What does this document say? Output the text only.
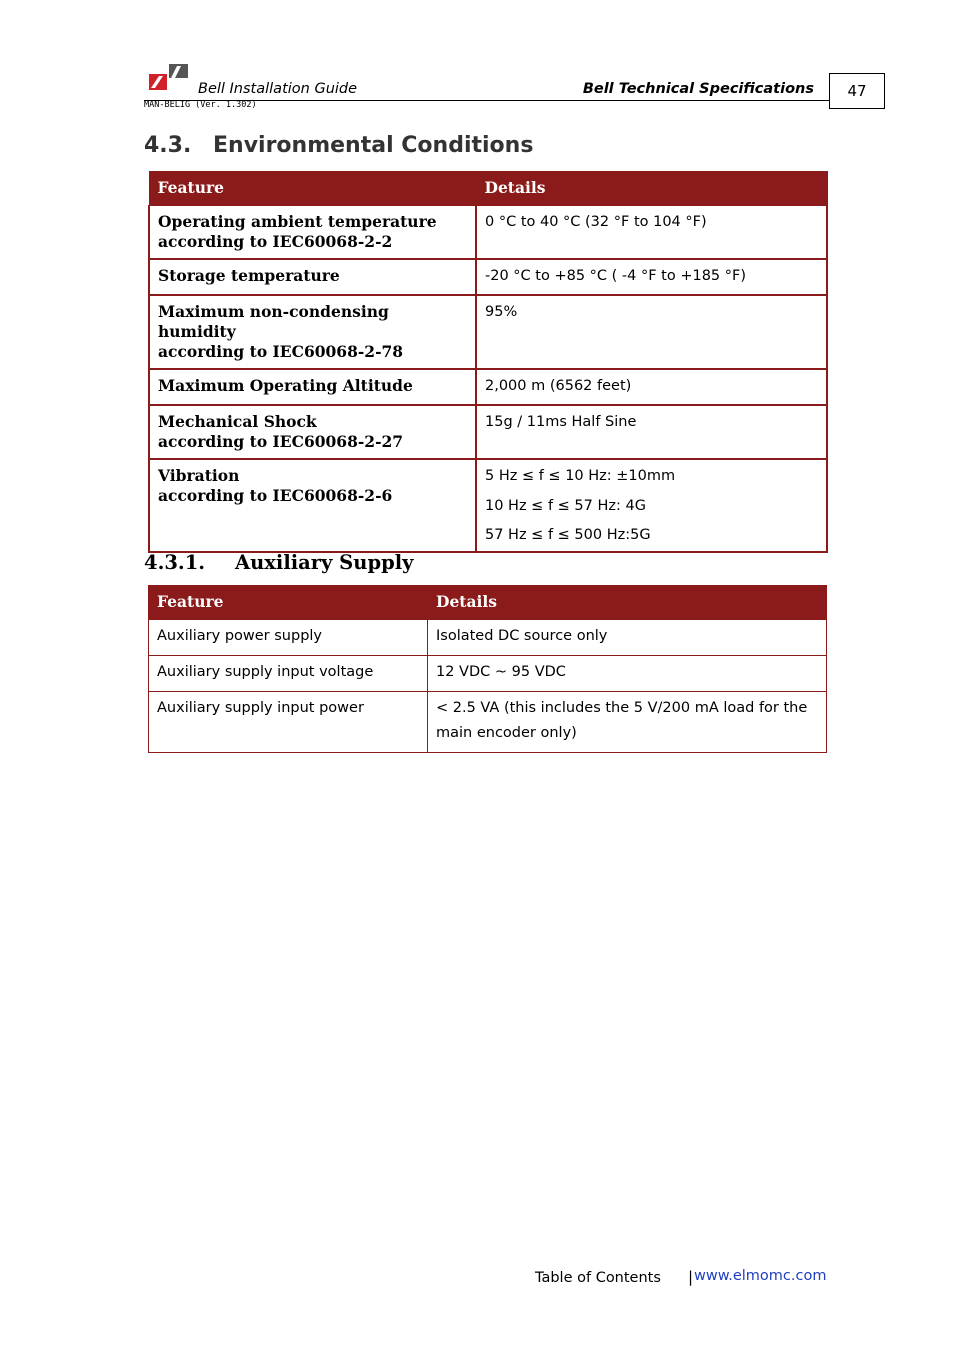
Bell Installation Guide	Bell Technical Specifications	47
MAN-BELIG (Ver. 1.302)
4.3. Environmental Conditions
Feature	Details
Operating ambient temperature
according to IEC60068-2-2	0 °C to 40 °C (32 °F to 104 °F)
Storage temperature	-20 °C to +85 °C ( -4 °F to +185 °F)
Maximum non-condensing humidity
according to IEC60068-2-78	95%
Maximum Operating Altitude	2,000 m (6562 feet)
Mechanical Shock
according to IEC60068-2-27	15g / 11ms Half Sine
Vibration
according to IEC60068-2-6	5 Hz ≤ f ≤ 10 Hz: ±10mm
10 Hz ≤ f ≤ 57 Hz: 4G
57 Hz ≤ f ≤ 500 Hz:5G
4.3.1. Auxiliary Supply
Feature	Details
Auxiliary power supply	Isolated DC source only
Auxiliary supply input voltage	12 VDC ~ 95 VDC
Auxiliary supply input power	< 2.5 VA (this includes the 5 V/200 mA load for the main encoder only)
Table of Contents | www.elmomc.com
